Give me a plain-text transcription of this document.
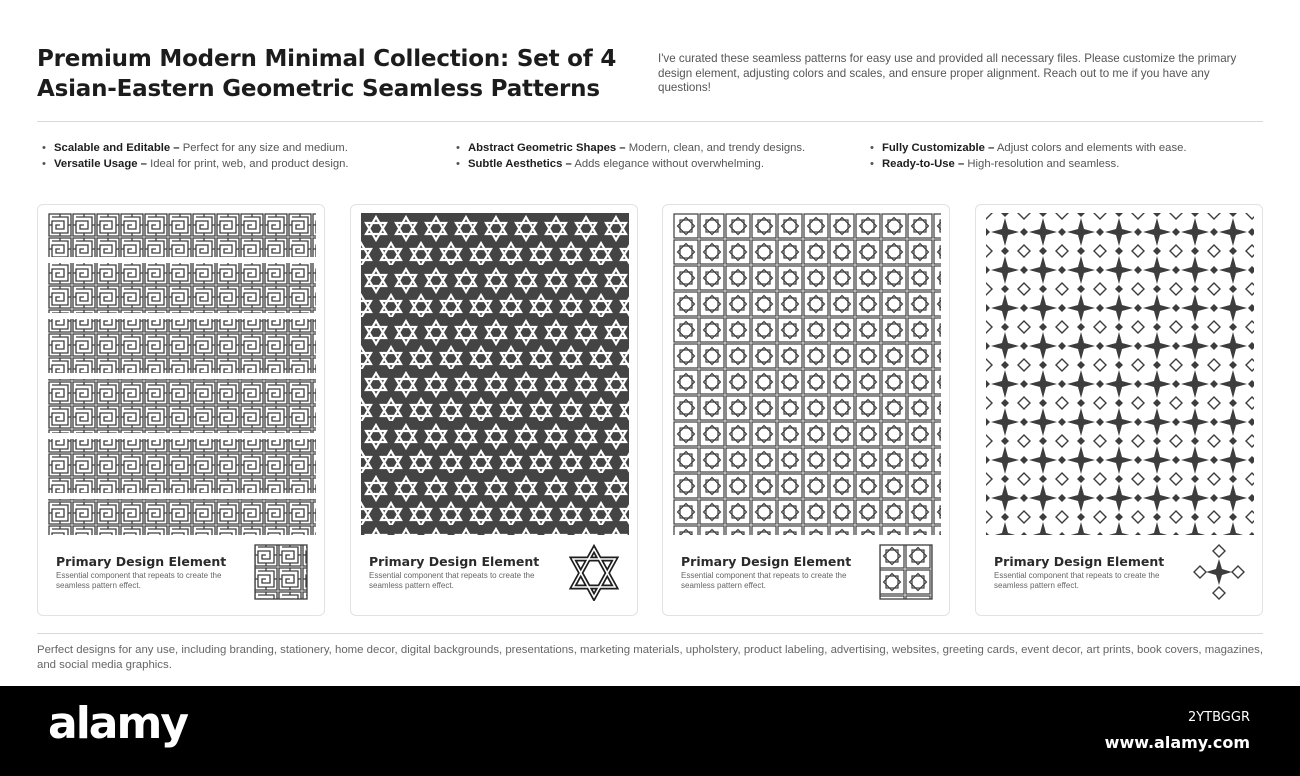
Premium Modern Minimal Collection: Set of 4 Asian-Eastern Geometric Seamless Patterns
I've curated these seamless patterns for easy use and provided all necessary files. Please customize the primary design element, adjusting colors and scales, and ensure proper alignment. Reach out to me if you have any questions!
• Scalable and Editable – Perfect for any size and medium.
• Versatile Usage – Ideal for print, web, and product design.
• Abstract Geometric Shapes – Modern, clean, and trendy designs.
• Subtle Aesthetics – Adds elegance without overwhelming.
• Fully Customizable – Adjust colors and elements with ease.
• Ready-to-Use – High-resolution and seamless.
Primary Design Element
Essential component that repeats to create the seamless pattern effect.
Primary Design Element
Essential component that repeats to create the seamless pattern effect.
Primary Design Element
Essential component that repeats to create the seamless pattern effect.
Primary Design Element
Essential component that repeats to create the seamless pattern effect.
Perfect designs for any use, including branding, stationery, home decor, digital backgrounds, presentations, marketing materials, upholstery, product labeling, advertising, websites, greeting cards, event decor, art prints, book covers, magazines, and social media graphics.
alamy	2YTBGGR
www.alamy.com
